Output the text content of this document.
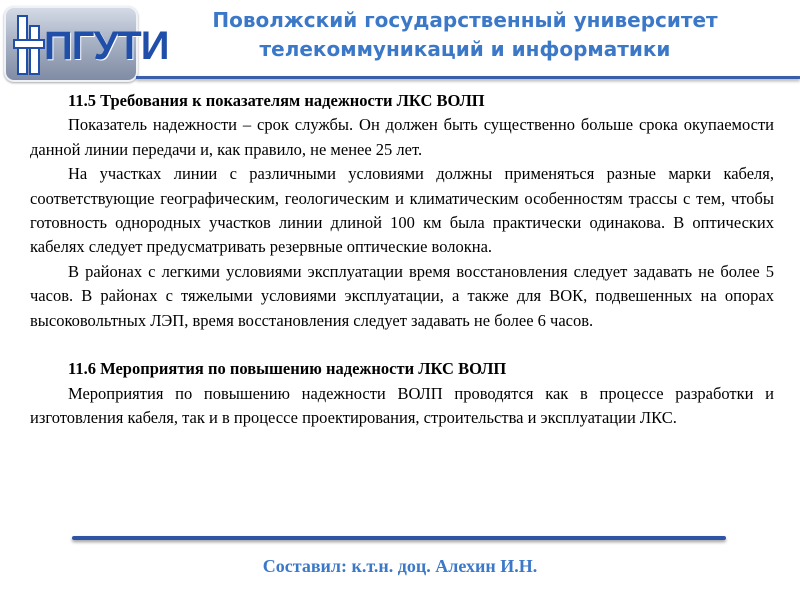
ПГУТИ
Поволжский государственный университет
телекоммуникаций и информатики

11.5 Требования к показателям надежности ЛКС ВОЛП

Показатель надежности – срок службы. Он должен быть существенно больше срока окупаемости данной линии передачи и, как правило, не менее 25 лет.

На участках линии с различными условиями должны применяться разные марки кабеля, соответствующие географическим, геологическим и климатическим особенностям трассы с тем, чтобы готовность однородных участков линии длиной 100 км была практически одинакова. В оптических кабелях следует предусматривать резервные оптические волокна.

В районах с легкими условиями эксплуатации время восстановления следует задавать не более 5 часов. В районах с тяжелыми условиями эксплуатации, а также для ВОК, подвешенных на опорах высоковольтных ЛЭП, время восстановления следует задавать не более 6 часов.

11.6 Мероприятия по повышению надежности ЛКС ВОЛП

Мероприятия по повышению надежности ВОЛП проводятся как в процессе разработки и изготовления кабеля, так и в процессе проектирования, строительства и эксплуатации ЛКС.

Составил: к.т.н. доц. Алехин И.Н.
